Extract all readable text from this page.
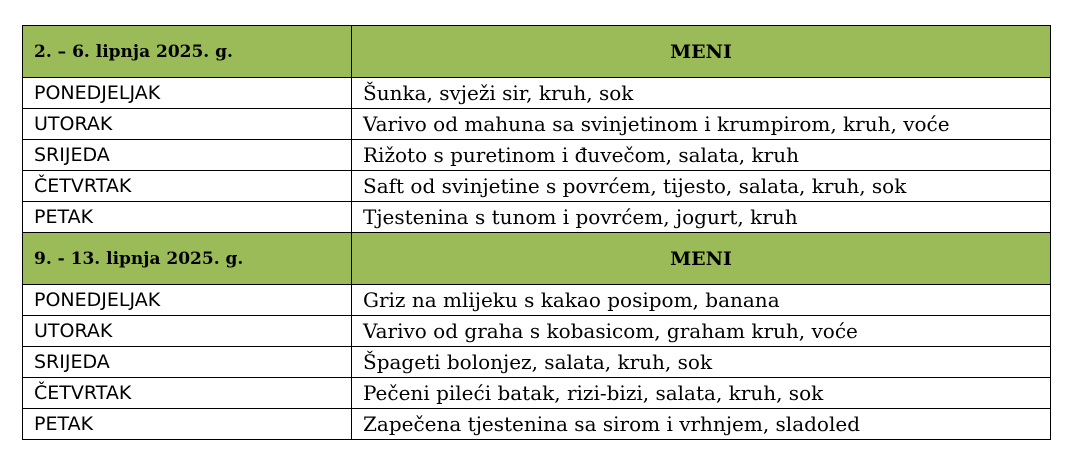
2. – 6. lipnja 2025. g.	MENI
PONEDJELJAK	Šunka, svježi sir, kruh, sok
UTORAK	Varivo od mahuna sa svinjetinom i krumpirom, kruh, voće
SRIJEDA	Rižoto s puretinom i đuvečom, salata, kruh
ČETVRTAK	Saft od svinjetine s povrćem, tijesto, salata, kruh, sok
PETAK	Tjestenina s tunom i povrćem, jogurt, kruh
9. - 13. lipnja 2025. g.	MENI
PONEDJELJAK	Griz na mlijeku s kakao posipom, banana
UTORAK	Varivo od graha s kobasicom, graham kruh, voće
SRIJEDA	Špageti bolonjez, salata, kruh, sok
ČETVRTAK	Pečeni pileći batak, rizi-bizi, salata, kruh, sok
PETAK	Zapečena tjestenina sa sirom i vrhnjem, sladoled
